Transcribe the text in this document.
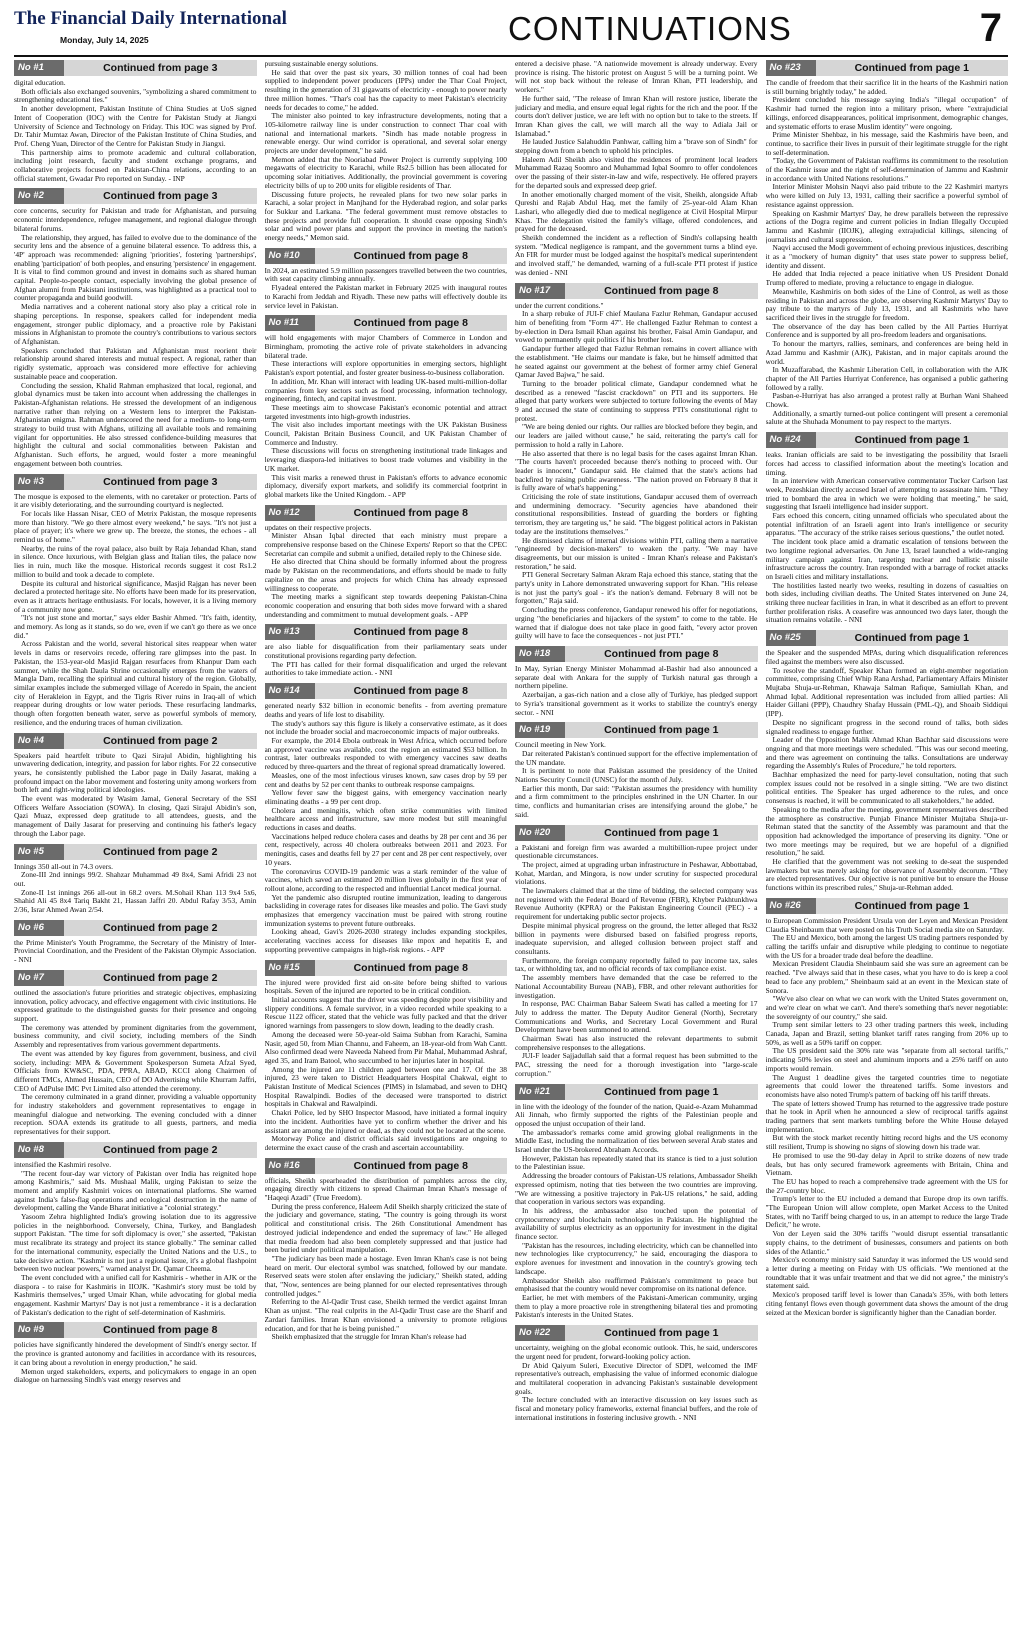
The Financial Daily International
Monday, July 14, 2025	CONTINUATIONS	7
No #1	Continued from page 3

digital education.

Both officials also exchanged souvenirs, "symbolizing a shared commitment to strengthening educational ties."

In another development, Pakistan Institute of China Studies at UoS signed Intent of Cooperation (IOC) with the Centre for Pakistan Study at Jiangxi University of Science and Technology on Friday. This IOC was signed by Prof. Dr. Tahir Mumtaz Awan, Director of the Pakistan Institute of China Studies, and Prof. Cheng Yuan, Director of the Centre for Pakistan Study in Jiangxi.

This partnership aims to promote academic and cultural collaboration, including joint research, faculty and student exchange programs, and collaborative projects focused on Pakistan-China relations, according to an official statement, Gwadar Pro reported on Sunday. - INP

No #2	Continued from page 3

core concerns, security for Pakistan and trade for Afghanistan, and pursuing economic interdependence, refugee management, and regional dialogue through bilateral forums.

The relationship, they argued, has failed to evolve due to the dominance of the security lens and the absence of a genuine bilateral essence. To address this, a '4P' approach was recommended: aligning 'priorities', fostering 'partnerships', enabling 'participation' of both peoples, and ensuring 'persistence' in engagement. It is vital to find common ground and invest in domains such as shared human capital. People-to-people contact, especially involving the global presence of Afghan alumni from Pakistani institutions, was highlighted as a practical tool to counter propaganda and build goodwill.

Media narratives and a coherent national story also play a critical role in shaping perceptions. In response, speakers called for independent media engagement, stronger public diplomacy, and a proactive role by Pakistani missions in Afghanistan to promote the country's contributions to various sectors of Afghanistan.

Speakers concluded that Pakistan and Afghanistan must reorient their relationship around shared interests and mutual respect. A regional, rather than rigidly systematic, approach was considered more effective for achieving sustainable peace and cooperation.

Concluding the session, Khalid Rahman emphasized that local, regional, and global dynamics must be taken into account when addressing the challenges in Pakistan-Afghanistan relations. He stressed the development of an indigenous narrative rather than relying on a Western lens to interpret the Pakistan-Afghanistan enigma. Rahman underscored the need for a medium- to long-term strategy to build trust with Afghans, utilizing all available tools and remaining vigilant for opportunities. He also stressed confidence-building measures that highlight the cultural and social commonalities between Pakistan and Afghanistan. Such efforts, he argued, would foster a more meaningful engagement between both countries.

No #3	Continued from page 3

The mosque is exposed to the elements, with no caretaker or protection. Parts of it are visibly deteriorating, and the surrounding courtyard is neglected.

For locals like Hassan Nisar, CEO of Metrix Pakistan, the mosque represents more than history. "We go there almost every weekend," he says. "It's not just a place of prayer; it's where we grew up. The breeze, the stones, the echoes - all remind us of home."

Nearby, the ruins of the royal palace, also built by Raja Jehandad Khan, stand in silence. Once luxurious, with Belgian glass and Italian tiles, the palace now lies in ruin, much like the mosque. Historical records suggest it cost Rs1.2 million to build and took a decade to complete.

Despite its cultural and historical significance, Masjid Rajgan has never been declared a protected heritage site. No efforts have been made for its preservation, even as it attracts heritage enthusiasts. For locals, however, it is a living memory of a community now gone.

"It's not just stone and mortar," says elder Bashir Ahmed. "It's faith, identity, and memory. As long as it stands, so do we, even if we can't go there as we once did."

Across Pakistan and the world, several historical sites reappear when water levels in dams or reservoirs recede, offering rare glimpses into the past. In Pakistan, the 153-year-old Masjid Rajgan resurfaces from Khanpur Dam each summer, while the Shah Daula Shrine occasionally emerges from the waters of Mangla Dam, recalling the spiritual and cultural history of the region. Globally, similar examples include the submerged village of Aceredo in Spain, the ancient city of Herakleion in Egypt, and the Tigris River ruins in Iraq-all of which reappear during droughts or low water periods. These resurfacing landmarks, though often forgotten beneath water, serve as powerful symbols of memory, resilience, and the enduring traces of human civilization.

No #4	Continued from page 2

Speakers paid heartfelt tribute to Qazi Sirajul Abidin, highlighting his unwavering dedication, integrity, and passion for labor rights. For 22 consecutive years, he consistently published the Labor page in Daily Jasarat, making a profound impact on the labor movement and fostering unity among workers from both left and right-wing political ideologies.

The event was moderated by Wasim Jamal, General Secretary of the SSI Officers Welfare Association (SOWA). In closing, Qazi Sirajul Abidin's son, Qazi Muaz, expressed deep gratitude to all attendees, guests, and the management of Daily Jasarat for preserving and continuing his father's legacy through the Labor page.

No #5	Continued from page 2

Innings 350 all-out in 74.3 overs.

Zone-III 2nd innings 99/2. Shahzar Muhammad 49 8x4, Sami Afridi 23 not out.

Zone-II 1st innings 266 all-out in 68.2 overs. M.Sohail Khan 113 9x4 5x6, Shahid Ali 45 8x4 Tariq Bakht 21, Hassan Jaffri 20. Abdul Rafay 3/53, Amin 2/36, Israr Ahmed Awan 2/54.

No #6	Continued from page 2

the Prime Minister's Youth Programme, the Secretary of the Ministry of Inter-Provincial Coordination, and the President of the Pakistan Olympic Association. - NNI

No #7	Continued from page 2

outlined the association's future priorities and strategic objectives, emphasizing innovation, policy advocacy, and effective engagement with civic institutions. He expressed gratitude to the distinguished guests for their presence and ongoing support.

The ceremony was attended by prominent dignitaries from the government, business community, and civil society, including members of the Sindh Assembly and representatives from various government departments.

The event was attended by key figures from government, business, and civil society, including: MPA & Government Spokesperson Sumeta Afzal Syed, Officials from KW&SC, PDA, PPRA, ABAD, KCCI along Chairmen of different TMCs, Ahmed Hussain, CEO of DO Advertising while Khurram Jaffri, CEO of AdPulse IMC Pvt Limited also attended the ceremony.

The ceremony culminated in a grand dinner, providing a valuable opportunity for industry stakeholders and government representatives to engage in meaningful dialogue and networking. The evening concluded with a dinner reception. SOAA extends its gratitude to all guests, partners, and media representatives for their support.

No #8	Continued from page 2

intensified the Kashmiri resolve.

"The recent four-day war victory of Pakistan over India has reignited hope among Kashmiris," said Ms. Mushaal Malik, urging Pakistan to seize the moment and amplify Kashmiri voices on international platforms. She warned against India's false-flag operations and ecological destruction in the name of development, calling the Vande Bharat initiative a "colonial strategy."

Yasoom Zehra highlighted India's growing isolation due to its aggressive policies in the neighborhood. Conversely, China, Turkey, and Bangladesh support Pakistan. "The time for soft diplomacy is over," she asserted, "Pakistan must recalibrate its strategy and project its stance globally." The seminar called for the international community, especially the United Nations and the U.S., to take decisive action. "Kashmir is not just a regional issue, it's a global flashpoint between two nuclear powers," warned analyst Dr. Qamar Cheema.

The event concluded with a unified call for Kashmiris - whether in AJK or the diaspora - to raise for Kashmiris in IIOJK. "Kashmir's story must be told by Kashmiris themselves," urged Umair Khan, while advocating for global media engagement. Kashmir Martyrs' Day is not just a remembrance - it is a declaration of Pakistan's dedication to the right of self-determination of Kashmiris.

No #9	Continued from page 8

policies have significantly hindered the development of Sindh's energy sector. If the province is granted autonomy and facilities in accordance with its resources, it can bring about a revolution in energy production," he said.

Memon urged stakeholders, experts, and policymakers to engage in an open dialogue on harnessing Sindh's vast energy reserves and

pursuing sustainable energy solutions.

He said that over the past six years, 30 million tonnes of coal had been supplied to independent power producers (IPPs) under the Thar Coal Project, resulting in the generation of 31 gigawatts of electricity - enough to power nearly three million homes. "Thar's coal has the capacity to meet Pakistan's electricity needs for decades to come," he added.

The minister also pointed to key infrastructure developments, noting that a 105-kilometre railway line is under construction to connect Thar coal with national and international markets. "Sindh has made notable progress in renewable energy. Our wind corridor is operational, and several solar energy projects are under development," he said.

Memon added that the Nooriabad Power Project is currently supplying 100 megawatts of electricity to Karachi, while Rs2.5 billion has been allocated for upcoming solar initiatives. Additionally, the provincial government is covering electricity bills of up to 200 units for eligible residents of Thar.

Discussing future projects, he revealed plans for two new solar parks in Karachi, a solar project in Manjhand for the Hyderabad region, and solar parks for Sukkur and Larkana. "The federal government must remove obstacles to these projects and provide full cooperation. It should cease opposing Sindh's solar and wind power plans and support the province in meeting the nation's energy needs," Memon said.

No #10	Continued from page 8

In 2024, an estimated 5.9 million passengers travelled between the two countries, with seat capacity climbing annually.

Flyadeal entered the Pakistan market in February 2025 with inaugural routes to Karachi from Jeddah and Riyadh. These new paths will effectively double its service level in Pakistan.

No #11	Continued from page 8

will hold engagements with major Chambers of Commerce in London and Birmingham, promoting the active role of private stakeholders in advancing bilateral trade.

These interactions will explore opportunities in emerging sectors, highlight Pakistan's export potential, and foster greater business-to-business collaboration.

In addition, Mr. Khan will interact with leading UK-based multi-million-dollar companies from key sectors such as food processing, information technology, engineering, fintech, and capital investment.

These meetings aim to showcase Pakistan's economic potential and attract targeted investments into high-growth industries.

The visit also includes important meetings with the UK Pakistan Business Council, Pakistan Britain Business Council, and UK Pakistan Chamber of Commerce and Industry.

These discussions will focus on strengthening institutional trade linkages and leveraging diaspora-led initiatives to boost trade volumes and visibility in the UK market.

This visit marks a renewed thrust in Pakistan's efforts to advance economic diplomacy, diversify export markets, and solidify its commercial footprint in global markets like the United Kingdom. - APP

No #12	Continued from page 8

updates on their respective projects.

Minister Ahsan Iqbal directed that each ministry must prepare a comprehensive response based on the Chinese Experts' Report so that the CPEC Secretariat can compile and submit a unified, detailed reply to the Chinese side.

He also directed that China should be formally informed about the progress made by Pakistan on the recommendations, and efforts should be made to fully capitalize on the areas and projects for which China has already expressed willingness to cooperate.

The meeting marks a significant step towards deepening Pakistan-China economic cooperation and ensuring that both sides move forward with a shared understanding and commitment to mutual development goals. - APP

No #13	Continued from page 8

are also liable for disqualification from their parliamentary seats under constitutional provisions regarding party defection.

The PTI has called for their formal disqualification and urged the relevant authorities to take immediate action. - NNI

No #14	Continued from page 8

generated nearly $32 billion in economic benefits - from averting premature deaths and years of life lost to disability.

The study's authors say this figure is likely a conservative estimate, as it does not include the broader social and macroeconomic impacts of major outbreaks.

For example, the 2014 Ebola outbreak in West Africa, which occurred before an approved vaccine was available, cost the region an estimated $53 billion. In contrast, later outbreaks responded to with emergency vaccines saw deaths reduced by three-quarters and the threat of regional spread dramatically lowered.

Measles, one of the most infectious viruses known, saw cases drop by 59 per cent and deaths by 52 per cent thanks to outbreak response campaigns.

Yellow fever saw the biggest gains, with emergency vaccination nearly eliminating deaths - a 99 per cent drop.

Cholera and meningitis, which often strike communities with limited healthcare access and infrastructure, saw more modest but still meaningful reductions in cases and deaths.

Vaccinations helped reduce cholera cases and deaths by 28 per cent and 36 per cent, respectively, across 40 cholera outbreaks between 2011 and 2023. For meningitis, cases and deaths fell by 27 per cent and 28 per cent respectively, over 10 years.

The coronavirus COVID-19 pandemic was a stark reminder of the value of vaccines, which saved an estimated 20 million lives globally in the first year of rollout alone, according to the respected and influential Lancet medical journal.

Yet the pandemic also disrupted routine immunization, leading to dangerous backsliding in coverage rates for diseases like measles and polio. The Gavi study emphasizes that emergency vaccination must be paired with strong routine immunization systems to prevent future outbreaks.

Looking ahead, Gavi's 2026-2030 strategy includes expanding stockpiles, accelerating vaccines access for diseases like mpox and hepatitis E, and supporting preventive campaigns in high-risk regions. - APP

No #15	Continued from page 8

The injured were provided first aid on-site before being shifted to various hospitals. Seven of the injured are reported to be in critical condition.

Initial accounts suggest that the driver was speeding despite poor visibility and slippery conditions. A female survivor, in a video recorded while speaking to a Rescue 1122 officer, stated that the vehicle was fully packed and that the driver ignored warnings from passengers to slow down, leading to the deadly crash.

Among the deceased were 50-year-old Saima Subhan from Karachi, Samina Nasir, aged 50, from Mian Channu, and Faheem, an 18-year-old from Wah Cantt. Also confirmed dead were Naveeda Naheed from Pir Mahal, Muhammad Ashraf, aged 35, and Iram Batool, who succumbed to her injuries later in hospital.

Among the injured are 11 children aged between one and 17. Of the 38 injured, 23 were taken to District Headquarters Hospital Chakwal, eight to Pakistan Institute of Medical Sciences (PIMS) in Islamabad, and seven to DHQ Hospital Rawalpindi. Bodies of the deceased were transported to district hospitals in Chakwal and Rawalpindi.

Chakri Police, led by SHO Inspector Masood, have initiated a formal inquiry into the incident. Authorities have yet to confirm whether the driver and his assistant are among the injured or dead, as they could not be located at the scene.

Motorway Police and district officials said investigations are ongoing to determine the exact cause of the crash and ascertain accountability.

No #16	Continued from page 8

officials, Sheikh spearheaded the distribution of pamphlets across the city, engaging directly with citizens to spread Chairman Imran Khan's message of "Haqeqi Azadi" (True Freedom).

During the press conference, Haleem Adil Sheikh sharply criticized the state of the judiciary and governance, stating, "The country is going through its worst political and constitutional crisis. The 26th Constitutional Amendment has destroyed judicial independence and ended the supremacy of law." He alleged that media freedom had also been completely suppressed and that justice had been buried under political manipulation.

"The judiciary has been made a hostage. Even Imran Khan's case is not being heard on merit. Our electoral symbol was snatched, followed by our mandate. Reserved seats were stolen after enslaving the judiciary," Sheikh stated, adding that, "Now, sentences are being planned for our elected representatives through controlled judges."

Referring to the Al-Qadir Trust case, Sheikh termed the verdict against Imran Khan as unjust. "The real culprits in the Al-Qadir Trust case are the Sharif and Zardari families. Imran Khan envisioned a university to promote religious education, and for that he is being punished."

Sheikh emphasized that the struggle for Imran Khan's release had

entered a decisive phase. "A nationwide movement is already underway. Every province is rising. The historic protest on August 5 will be a turning point. We will not stop back without the release of Imran Khan, PTI leadership, and workers."

He further said, "The release of Imran Khan will restore justice, liberate the judiciary and media, and ensure equal legal rights for the rich and the poor. If the courts don't deliver justice, we are left with no option but to take to the streets. If Imran Khan gives the call, we will march all the way to Adiala Jail or Islamabad."

He lauded Justice Salahuddin Panhwar, calling him a "brave son of Sindh" for stepping down from a bench to uphold his principles.

Haleem Adil Sheikh also visited the residences of prominent local leaders Muhammad Razaq Soomro and Muhammad Iqbal Soomro to offer condolences over the passing of their sister-in-law and wife, respectively. He offered prayers for the departed souls and expressed deep grief.

In another emotionally charged moment of the visit, Sheikh, alongside Aftab Qureshi and Rajab Abdul Haq, met the family of 25-year-old Alam Khan Lashari, who allegedly died due to medical negligence at Civil Hospital Mirpur Khas. The delegation visited the family's village, offered condolences, and prayed for the deceased.

Sheikh condemned the incident as a reflection of Sindh's collapsing health system. "Medical negligence is rampant, and the government turns a blind eye. An FIR for murder must be lodged against the hospital's medical superintendent and involved staff," he demanded, warning of a full-scale PTI protest if justice was denied - NNI

No #17	Continued from page 8

under the current conditions."

In a sharp rebuke of JUI-F chief Maulana Fazlur Rehman, Gandapur accused him of benefiting from "Form 47". He challenged Fazlur Rehman to contest a by-election in Dera Ismail Khan against his brother, Faisal Amin Gandapur, and vowed to permanently quit politics if his brother lost.

Gandapur further alleged that Fazlur Rehman remains in covert alliance with the establishment. "He claims our mandate is fake, but he himself admitted that he seated against our government at the behest of former army chief General Qamar Javed Bajwa," he said.

Turning to the broader political climate, Gandapur condemned what he described as a renewed "fascist crackdown" on PTI and its supporters. He alleged that party workers were subjected to torture following the events of May 9 and accused the state of continuing to suppress PTI's constitutional right to protest.

"We are being denied our rights. Our rallies are blocked before they begin, and our leaders are jailed without cause," he said, reiterating the party's call for permission to hold a rally in Lahore.

He also asserted that there is no legal basis for the cases against Imran Khan. "The courts haven't proceeded because there's nothing to proceed with. Our leader is innocent," Gandapur said. He claimed that the state's actions had backfired by raising public awareness. "The nation proved on February 8 that it is fully aware of what's happening."

Criticising the role of state institutions, Gandapur accused them of overreach and undermining democracy. "Security agencies have abandoned their constitutional responsibilities. Instead of guarding the borders or fighting terrorism, they are targeting us," he said. "The biggest political actors in Pakistan today are the institutions themselves."

He dismissed claims of internal divisions within PTI, calling them a narrative "engineered by decision-makers" to weaken the party. "We may have disagreements, but our mission is united - Imran Khan's release and Pakistan's restoration," he said.

PTI General Secretary Salman Akram Raja echoed this stance, stating that the party's unity in Lahore demonstrated unwavering support for Khan. "His release is not just the party's goal - it's the nation's demand. February 8 will not be forgotten," Raja said.

Concluding the press conference, Gandapur renewed his offer for negotiations, urging "the beneficiaries and hijackers of the system" to come to the table. He warned that if dialogue does not take place in good faith, "every actor proven guilty will have to face the consequences - not just PTI."

No #18	Continued from page 8

In May, Syrian Energy Minister Mohammad al-Bashir had also announced a separate deal with Ankara for the supply of Turkish natural gas through a northern pipeline.

Azerbaijan, a gas-rich nation and a close ally of Turkiye, has pledged support to Syria's transitional government as it works to stabilize the country's energy sector. - NNI

No #19	Continued from page 1

Council meeting in New York.

Dar reiterated Pakistan's continued support for the effective implementation of the UN mandate.

It is pertinent to note that Pakistan assumed the presidency of the United Nations Security Council (UNSC) for the month of July.

Earlier this month, Dar said: "Pakistan assumes the presidency with humility and a firm commitment to the principles enshrined in the UN Charter. In our time, conflicts and humanitarian crises are intensifying around the globe," he said.

No #20	Continued from page 1

a Pakistani and foreign firm was awarded a multibillion-rupee project under questionable circumstances.

The project, aimed at upgrading urban infrastructure in Peshawar, Abbottabad, Kohat, Mardan, and Mingora, is now under scrutiny for suspected procedural violations.

The lawmakers claimed that at the time of bidding, the selected company was not registered with the Federal Board of Revenue (FBR), Khyber Pakhtunkhwa Revenue Authority (KPRA) or the Pakistan Engineering Council (PEC) - a requirement for undertaking public sector projects.

Despite minimal physical progress on the ground, the letter alleged that Rs32 billion in payments were disbursed based on falsified progress reports, inadequate supervision, and alleged collusion between project staff and consultants.

Furthermore, the foreign company reportedly failed to pay income tax, sales tax, or withholding tax, and no official records of tax compliance exist.

The assembly members have demanded that the case be referred to the National Accountability Bureau (NAB), FBR, and other relevant authorities for investigation.

In response, PAC Chairman Babar Saleem Swati has called a meeting for 17 July to address the matter. The Deputy Auditor General (North), Secretary Communications and Works, and Secretary Local Government and Rural Development have been summoned to attend.

Chairman Swati has also instructed the relevant departments to submit comprehensive responses to the allegations.

JUI-F leader Sajjadullah said that a formal request has been submitted to the PAC, stressing the need for a thorough investigation into "large-scale corruption."

No #21	Continued from page 1

in line with the ideology of the founder of the nation, Quaid-e-Azam Muhammad Ali Jinnah, who firmly supported the rights of the Palestinian people and opposed the unjust occupation of their land.

The ambassador's remarks come amid growing global realignments in the Middle East, including the normalization of ties between several Arab states and Israel under the US-brokered Abraham Accords.

However, Pakistan has repeatedly stated that its stance is tied to a just solution to the Palestinian issue.

Addressing the broader contours of Pakistan-US relations, Ambassador Sheikh expressed optimism, noting that ties between the two countries are improving. "We are witnessing a positive trajectory in Pak-US relations," he said, adding that cooperation in various sectors was expanding.

In his address, the ambassador also touched upon the potential of cryptocurrency and blockchain technologies in Pakistan. He highlighted the availability of surplus electricity as an opportunity for investment in the digital finance sector.

"Pakistan has the resources, including electricity, which can be channelled into new technologies like cryptocurrency," he said, encouraging the diaspora to explore avenues for investment and innovation in the country's growing tech landscape.

Ambassador Sheikh also reaffirmed Pakistan's commitment to peace but emphasised that the country would never compromise on its national defence.

Earlier, he met with members of the Pakistani-American community, urging them to play a more proactive role in strengthening bilateral ties and promoting Pakistan's interests in the United States.

No #22	Continued from page 1

uncertainty, weighing on the global economic outlook. This, he said, underscores the urgent need for prudent, forward-looking policy action.

Dr Abid Qaiyum Suleri, Executive Director of SDPI, welcomed the IMF representative's outreach, emphasising the value of informed economic dialogue and multilateral cooperation in advancing Pakistan's sustainable development goals.

The lecture concluded with an interactive discussion on key issues such as fiscal and monetary policy frameworks, external financial buffers, and the role of international institutions in fostering inclusive growth. - NNI

No #23	Continued from page 1

The candle of freedom that their sacrifice lit in the hearts of the Kashmiri nation is still burning brightly today," he added.

President concluded his message saying India's "illegal occupation" of Kashmir had turned the region into a military prison, where "extrajudicial killings, enforced disappearances, political imprisonment, demographic changes, and systematic efforts to erase Muslim identity" were ongoing.

Prime Minister Shehbaz, in his message, said the Kashmiris have been, and continue, to sacrifice their lives in pursuit of their legitimate struggle for the right to self-determination.

"Today, the Government of Pakistan reaffirms its commitment to the resolution of the Kashmir issue and the right of self-determination of Jammu and Kashmir in accordance with United Nations resolutions."

Interior Minister Mohsin Naqvi also paid tribute to the 22 Kashmiri martyrs who were killed on July 13, 1931, calling their sacrifice a powerful symbol of resistance against oppression.

Speaking on Kashmir Martyrs' Day, he drew parallels between the repressive actions of the Dogra regime and current policies in Indian Illegally Occupied Jammu and Kashmir (IIOJK), alleging extrajudicial killings, silencing of journalists and cultural suppression.

Naqvi accused the Modi government of echoing previous injustices, describing it as a "mockery of human dignity" that uses state power to suppress belief, identity and dissent.

He added that India rejected a peace initiative when US President Donald Trump offered to mediate, proving a reluctance to engage in dialogue.

Meanwhile, Kashmiris on both sides of the Line of Control, as well as those residing in Pakistan and across the globe, are observing Kashmir Martyrs' Day to pay tribute to the martyrs of July 13, 1931, and all Kashmiris who have sacrificed their lives in the struggle for freedom.

The observance of the day has been called by the All Parties Hurriyat Conference and is supported by all pro-freedom leaders and organisations.

To honour the martyrs, rallies, seminars, and conferences are being held in Azad Jammu and Kashmir (AJK), Pakistan, and in major capitals around the world.

In Muzaffarabad, the Kashmir Liberation Cell, in collaboration with the AJK chapter of the All Parties Hurriyat Conference, has organised a public gathering followed by a rally.

Pasban-e-Hurriyat has also arranged a protest rally at Burhan Wani Shaheed Chowk.

Additionally, a smartly turned-out police contingent will present a ceremonial salute at the Shuhada Monument to pay respect to the martyrs.

No #24	Continued from page 1

leaks. Iranian officials are said to be investigating the possibility that Israeli forces had access to classified information about the meeting's location and timing.

In an interview with American conservative commentator Tucker Carlson last week, Pezeshkian directly accused Israel of attempting to assassinate him. "They tried to bombard the area in which we were holding that meeting," he said, suggesting that Israeli intelligence had insider support.

Fars echoed this concern, citing unnamed officials who speculated about the potential infiltration of an Israeli agent into Iran's intelligence or security apparatus. "The accuracy of the strike raises serious questions," the outlet noted.

The incident took place amid a dramatic escalation of tensions between the two longtime regional adversaries. On June 13, Israel launched a wide-ranging military campaign against Iran, targeting nuclear and ballistic missile infrastructure across the country. Iran responded with a barrage of rocket attacks on Israeli cities and military installations.

The hostilities lasted nearly two weeks, resulting in dozens of casualties on both sides, including civilian deaths. The United States intervened on June 24, striking three nuclear facilities in Iran, in what it described as an effort to prevent further proliferation risks. A ceasefire was announced two days later, though the situation remains volatile. - NNI

No #25	Continued from page 1

the Speaker and the suspended MPAs, during which disqualification references filed against the members were also discussed.

To resolve the standoff, Speaker Khan formed an eight-member negotiation committee, comprising Chief Whip Rana Arshad, Parliamentary Affairs Minister Mujtaba Shuja-ur-Rehman, Khawaja Salman Rafique, Samiullah Khan, and Ahmad Iqbal. Additional representation was included from allied parties: Ali Haider Gillani (PPP), Chaudhry Shafay Hussain (PML-Q), and Shoaib Siddiqui (IPP).

Despite no significant progress in the second round of talks, both sides signaled readiness to engage further.

Leader of the Opposition Malik Ahmad Khan Bachhar said discussions were ongoing and that more meetings were scheduled. "This was our second meeting, and there was agreement on continuing the talks. Consultations are underway regarding the Assembly's Rules of Procedure," he told reporters.

Bachhar emphasized the need for party-level consultation, noting that such complex issues could not be resolved in a single sitting. "We are two distinct political entities. The Speaker has urged adherence to the rules, and once consensus is reached, it will be communicated to all stakeholders," he added.

Speaking to the media after the meeting, government representatives described the atmosphere as constructive. Punjab Finance Minister Mujtaba Shuja-ur-Rehman stated that the sanctity of the Assembly was paramount and that the opposition had acknowledged the importance of preserving its dignity. "One or two more meetings may be required, but we are hopeful of a dignified resolution," he said.

He clarified that the government was not seeking to de-seat the suspended lawmakers but was merely asking for observance of Assembly decorum. "They are elected representatives. Our objective is not punitive but to ensure the House functions within its prescribed rules," Shuja-ur-Rehman added.

No #26	Continued from page 1

to European Commission President Ursula von der Leyen and Mexican President Claudia Sheinbaum that were posted on his Truth Social media site on Saturday.

The EU and Mexico, both among the largest US trading partners responded by calling the tariffs unfair and disruptive while pledging to continue to negotiate with the US for a broader trade deal before the deadline.

Mexican President Claudia Sheinbaum said she was sure an agreement can be reached. "I've always said that in these cases, what you have to do is keep a cool head to face any problem," Sheinbaum said at an event in the Mexican state of Sonora.

"We've also clear on what we can work with the United States government on, and we're clear on what we can't. And there's something that's never negotiable: the sovereignty of our country," she said.

Trump sent similar letters to 23 other trading partners this week, including Canada, Japan and Brazil, setting blanket tariff rates ranging from 20% up to 50%, as well as a 50% tariff on copper.

The US president said the 30% rate was "separate from all sectoral tariffs," indicating 50% levies on steel and aluminum imports and a 25% tariff on auto imports would remain.

The August 1 deadline gives the targeted countries time to negotiate agreements that could lower the threatened tariffs. Some investors and economists have also noted Trump's pattern of backing off his tariff threats.

The spate of letters showed Trump has returned to the aggressive trade posture that he took in April when he announced a slew of reciprocal tariffs against trading partners that sent markets tumbling before the White House delayed implementation.

But with the stock market recently hitting record highs and the US economy still resilient, Trump is showing no signs of slowing down his trade war.

He promised to use the 90-day delay in April to strike dozens of new trade deals, but has only secured framework agreements with Britain, China and Vietnam.

The EU has hoped to reach a comprehensive trade agreement with the US for the 27-country bloc.

Trump's letter to the EU included a demand that Europe drop its own tariffs. "The European Union will allow complete, open Market Access to the United States, with no Tariff being charged to us, in an attempt to reduce the large Trade Deficit," he wrote.

Von der Leyen said the 30% tariffs "would disrupt essential transatlantic supply chains, to the detriment of businesses, consumers and patients on both sides of the Atlantic."

Mexico's economy ministry said Saturday it was informed the US would send a letter during a meeting on Friday with US officials. "We mentioned at the roundtable that it was unfair treatment and that we did not agree," the ministry's statement said.

Mexico's proposed tariff level is lower than Canada's 35%, with both letters citing fentanyl flows even though government data shows the amount of the drug seized at the Mexican border is significantly higher than the Canadian border.
